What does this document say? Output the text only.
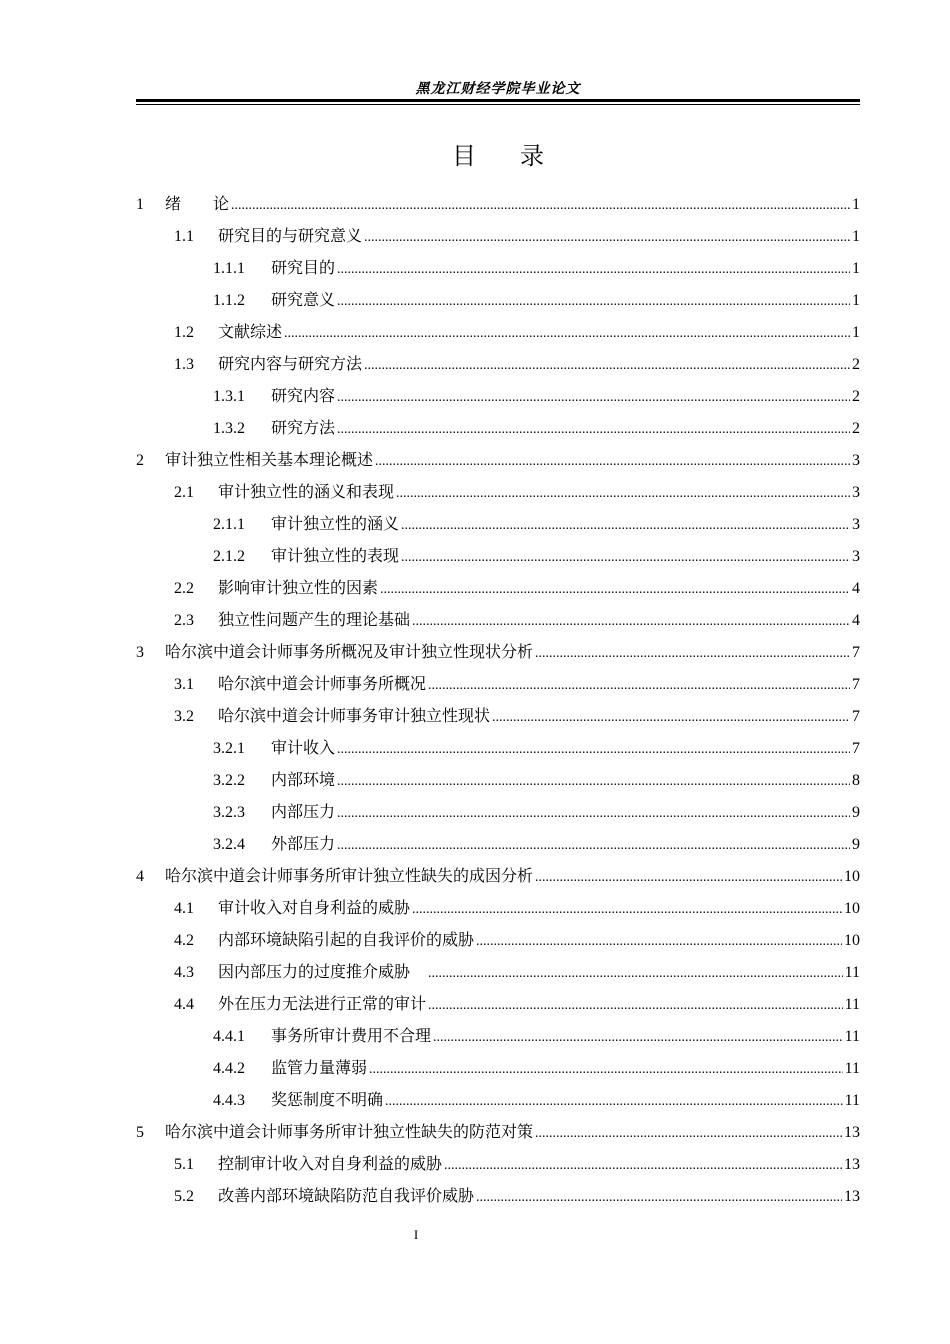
黑龙江财经学院毕业论文
目录
1	绪　　论 .....	1
1.1	研究目的与研究意义 .....	1
1.1.1	研究目的 .....	1
1.1.2	研究意义 .....	1
1.2	文献综述 .....	1
1.3	研究内容与研究方法 .....	2
1.3.1	研究内容 .....	2
1.3.2	研究方法 .....	2
2	审计独立性相关基本理论概述 .....	3
2.1	审计独立性的涵义和表现 .....	3
2.1.1	审计独立性的涵义 .....	3
2.1.2	审计独立性的表现 .....	3
2.2	影响审计独立性的因素 .....	4
2.3	独立性问题产生的理论基础 .....	4
3	哈尔滨中道会计师事务所概况及审计独立性现状分析 .....	7
3.1	哈尔滨中道会计师事务所概况 .....	7
3.2	哈尔滨中道会计师事务审计独立性现状 .....	7
3.2.1	审计收入 .....	7
3.2.2	内部环境 .....	8
3.2.3	内部压力 .....	9
3.2.4	外部压力 .....	9
4	哈尔滨中道会计师事务所审计独立性缺失的成因分析 .....	10
4.1	审计收入对自身利益的威胁 .....	10
4.2	内部环境缺陷引起的自我评价的威胁 .....	10
4.3	因内部压力的过度推介威胁　 .....	11
4.4	外在压力无法进行正常的审计 .....	11
4.4.1	事务所审计费用不合理 .....	11
4.4.2	监管力量薄弱 .....	11
4.4.3	奖惩制度不明确 .....	11
5	哈尔滨中道会计师事务所审计独立性缺失的防范对策 .....	13
5.1	控制审计收入对自身利益的威胁 .....	13
5.2	改善内部环境缺陷防范自我评价威胁 .....	13
I
